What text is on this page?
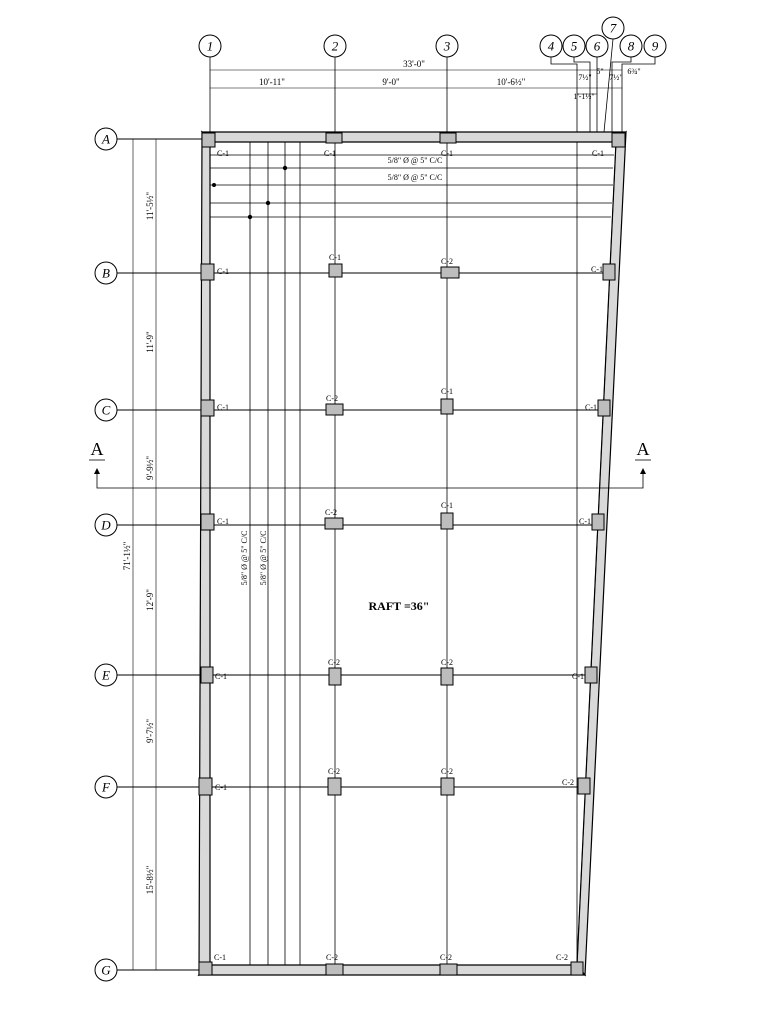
1	2	3	4 5 6
7
8 9
33'-0"
10'-11"	9'-0"	10'-6½"	7½"
5"
7½"
6¾"
1'-1½"
A
B
C
D
E
F
G
71'-1½"
11'-5½"
11'-9"
9'-9½"
12'-9"
9'-7½"
15'-8½"
5/8" Ø @ 5" C/C
5/8" Ø @ 5" C/C
5/8" Ø @ 5" C/C 5/8" Ø @ 5" C/C
A	A
C-1	C-1	C-1	C-1
C-1
C-1	C-2
C-1
C-1
C-2
C-1
C-1
C-1
C-2
C-1
C-1
C-1
C-2	C-2
C-1
C-1
C-2	C-2
C-2
C-1	C-2	C-2	C-2
RAFT =36"
